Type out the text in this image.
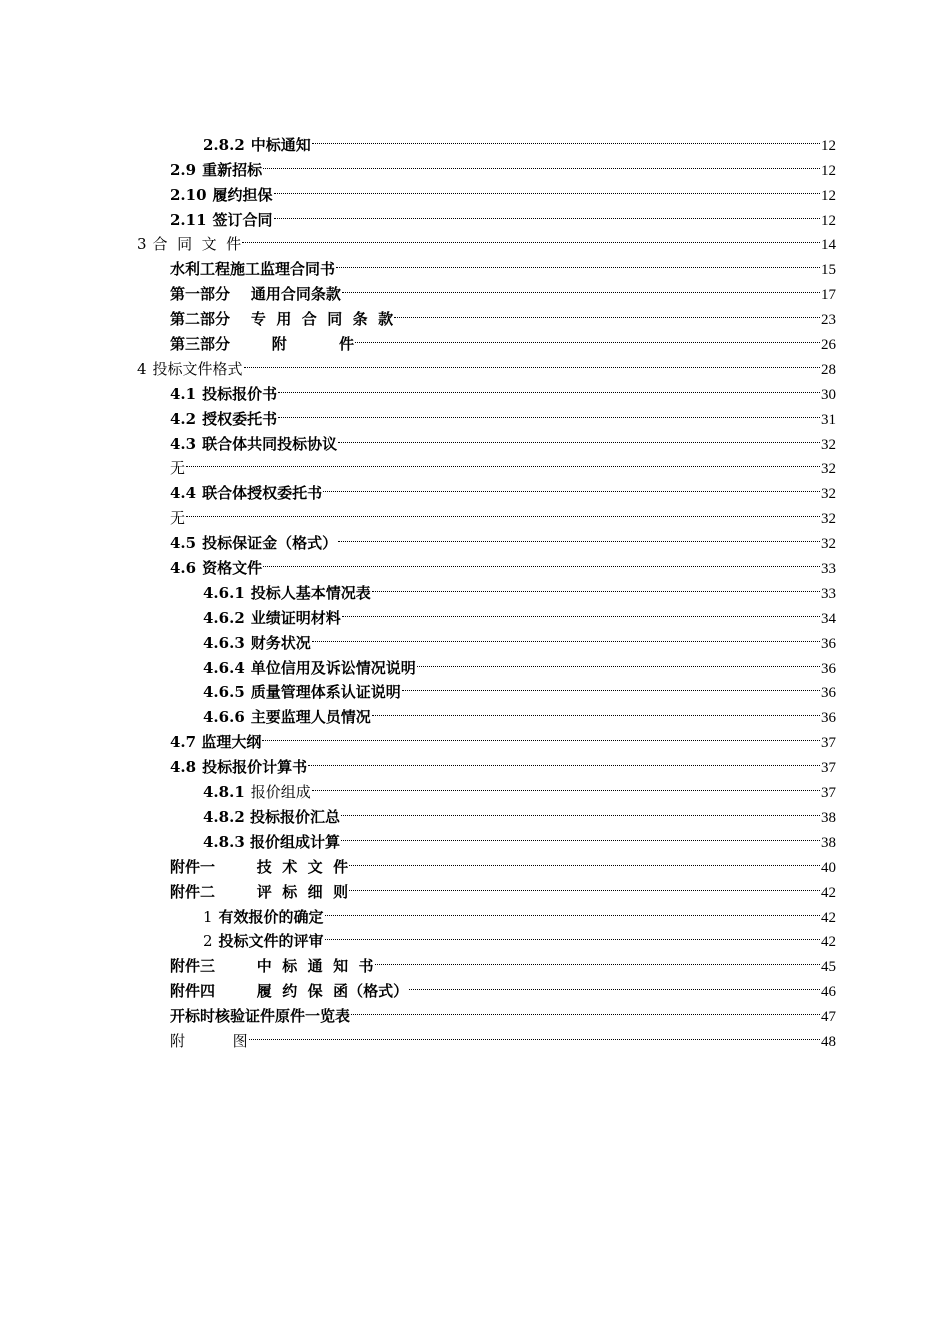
2.8.2 中标通知	12
2.9 重新招标	12
2.10 履约担保	12
2.11 签订合同	12
3 合  同  文  件	14
水利工程施工监理合同书	15
第一部分    通用合同条款	17
第二部分    专  用  合  同  条  款	23
第三部分        附          件	26
4 投标文件格式	28
4.1 投标报价书	30
4.2 授权委托书	31
4.3 联合体共同投标协议	32
无	32
4.4 联合体授权委托书	32
无	32
4.5 投标保证金（格式）	32
4.6 资格文件	33
4.6.1 投标人基本情况表	33
4.6.2 业绩证明材料	34
4.6.3 财务状况	36
4.6.4 单位信用及诉讼情况说明	36
4.6.5 质量管理体系认证说明	36
4.6.6 主要监理人员情况	36
4.7 监理大纲	37
4.8 投标报价计算书	37
4.8.1 报价组成	37
4.8.2 投标报价汇总	38
4.8.3 报价组成计算	38
附件一        技  术  文  件	40
附件二        评  标  细  则	42
1 有效报价的确定	42
2 投标文件的评审	42
附件三        中  标  通  知  书	45
附件四        履  约  保  函（格式）	46
开标时核验证件原件一览表	47
附          图	48
